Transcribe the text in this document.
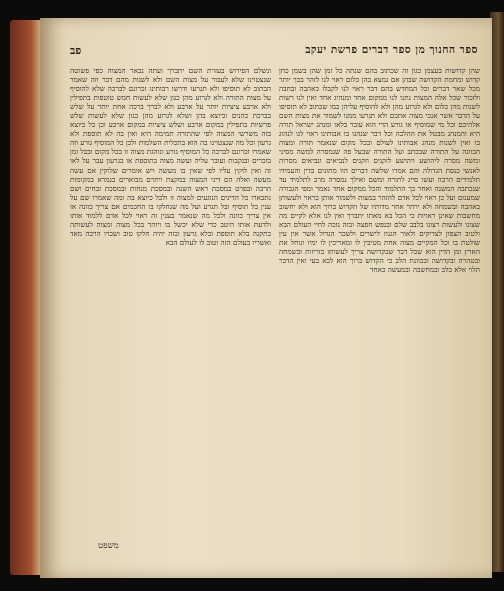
ספר החנוך מן ספר דברים פרשת יעקב
פב
שהן קדושות בעצמן כגון זה שכתוב בהם שנתה כל זמן שהן בשמן כחן קדוש ומחמת הקדושה שבהן אם נמצא בהן כלום ראוי לנו לזהר בכך יותר מכל שאר דברים וכל המחדש בהם דבר ראוי לנו לקבלו באהבה ובחבה ולזכור שכל אלה המצות נתנו לנו ממקום אחד ומנהיג אחד ואין לנו רשות לשנות מהן כלום ולא לגרוע מהן ולא להוסיף עליהן כמו שכתוב לא תוסיפו על הדבר אשר אנכי מצוה אתכם ולא תגרעו ממנו לשמור את מצות השם אלהיכם וכל מי שמוסיף או גורע הרי הוא עובר בלאו ומנהג ישראל תורה היא והמנהג מבטל את ההלכה וכל דבר שנהגו בו אבותינו ראוי לנו לנהוג בו ואין לשנות מנהג אבותינו לעולם ובכל מקום שנאמר תורה ומצוה הכוונה על התורה שבכתב ועל התורה שבעל פה שנמסרה למשה מסיני ומשה מסרה ליהושע ויהושע לזקנים וזקנים לנביאים ונביאים מסרוה לאנשי כנסת הגדולה והם אמרו שלשה דברים הוו מתונים בדין והעמידו תלמידים הרבה ועשו סייג לתורה ומשם ואילך נמסרה מרב לתלמיד עד שנכתבה המשנה ואחר כך התלמוד והכל ממקום אחד נאמר ומפי הגבורה שמענום ועל כן ראוי לכל אדם להזהר במצות ולשמור אותן כראוי ולעשותן באהבה ובשמחה ולא ירהר אחר מדותיו של הקדוש ברוך הוא ולא יחשוב מחשבות שאינן ראויות כי הכל בא מאתו יתברך ואין לנו אלא לקיים מה שצונו ולעשות רצונו בלבב שלם ובנפש חפצה ובזה נזכה לחיי העולם הבא ולטוב הצפון לצדיקים ולאור הגנוז לישרים ולשכר הגדול אשר אין עין שולטת בו וכל המקיים מצוה אחת מטיבין לו ומאריכין לו ימיו ונוחל את הארץ ומן הדין הוא שכל דבר שבקדושה צריך לעשותו בזריזות ובשמחה ובטהרה ובקדושה ובכוונת הלב כי הקדוש ברוך הוא לבא בעי ואין הדבר תלוי אלא בלב ובמחשבה ובמעשה כאחד
ונשלם הפירוש בעזרת השם יתברך ועתה נבאר המצוה כפי פשוטה שנצטוינו שלא לעבור על מצות השם ולא לשנות מהם דבר וזה שאמר הכתוב לא תוסיפו ולא תגרעו ודרשו רבותינו זכרונם לברכה שלא להוסיף על מצות התורה ולא לגרוע מהן כגון שלא לעשות חמש טוטפות בתפילין ולא ארבע ציציות יותר על ארבע ולא לברך ברכה אחת יותר על שלש בברכת כהנים וכיוצא בהן ושלא לגרוע מהן כגון שלא לעשות שלש פרשיות בתפילין במקום ארבע ושלש ציציות במקום ארבע וכן כל כיוצא בזה משרשי המצוה לפי שהתורה תמימה היא ואין בה לא תוספת ולא גרעון וכל מה שנצטוינו בה הוא בתכלית השלמות ולכן כל המוסיף גורע וזה שאמרו זכרונם לברכה כל המוסיף גורע ונוהגת מצוה זו בכל מקום ובכל זמן בזכרים ובנקבות ועובר עליה ועשה מצוה בתוספת או בגרעון עבר על לאו זה ואין לוקין עליו לפי שאין בו מעשה ויש אומרים שלוקין אם עשה מעשה ואלה הם דיני המצוה במקצת ויתרם מבוארים בגמרא במקומות הרבה ובפרט במסכת ראש השנה ובמסכת מנחות ובמסכת זבחים ושם נתבארו כל הדינים הנוגעים למצוה זו ולכל כיוצא בה ומה שאמרו שם על ענין בל תוסיף ובל תגרע ועל מה שנחלקו בו החכמים אם צריך כוונה או אין צריך כוונה ולכל מה שנאמר בענין זה ראוי לכל אדם ללמוד אותו ולדעת אותו היטב כדי שלא יכשל בו ויזהר בכל מצוה ומצוה לעשותה כתקנה בלא תוספת ובלא גרעון ובזה יהיה חלקו טוב ושכרו הרבה מאד ואשריו בעולם הזה וטוב לו לעולם הבא
משפט
